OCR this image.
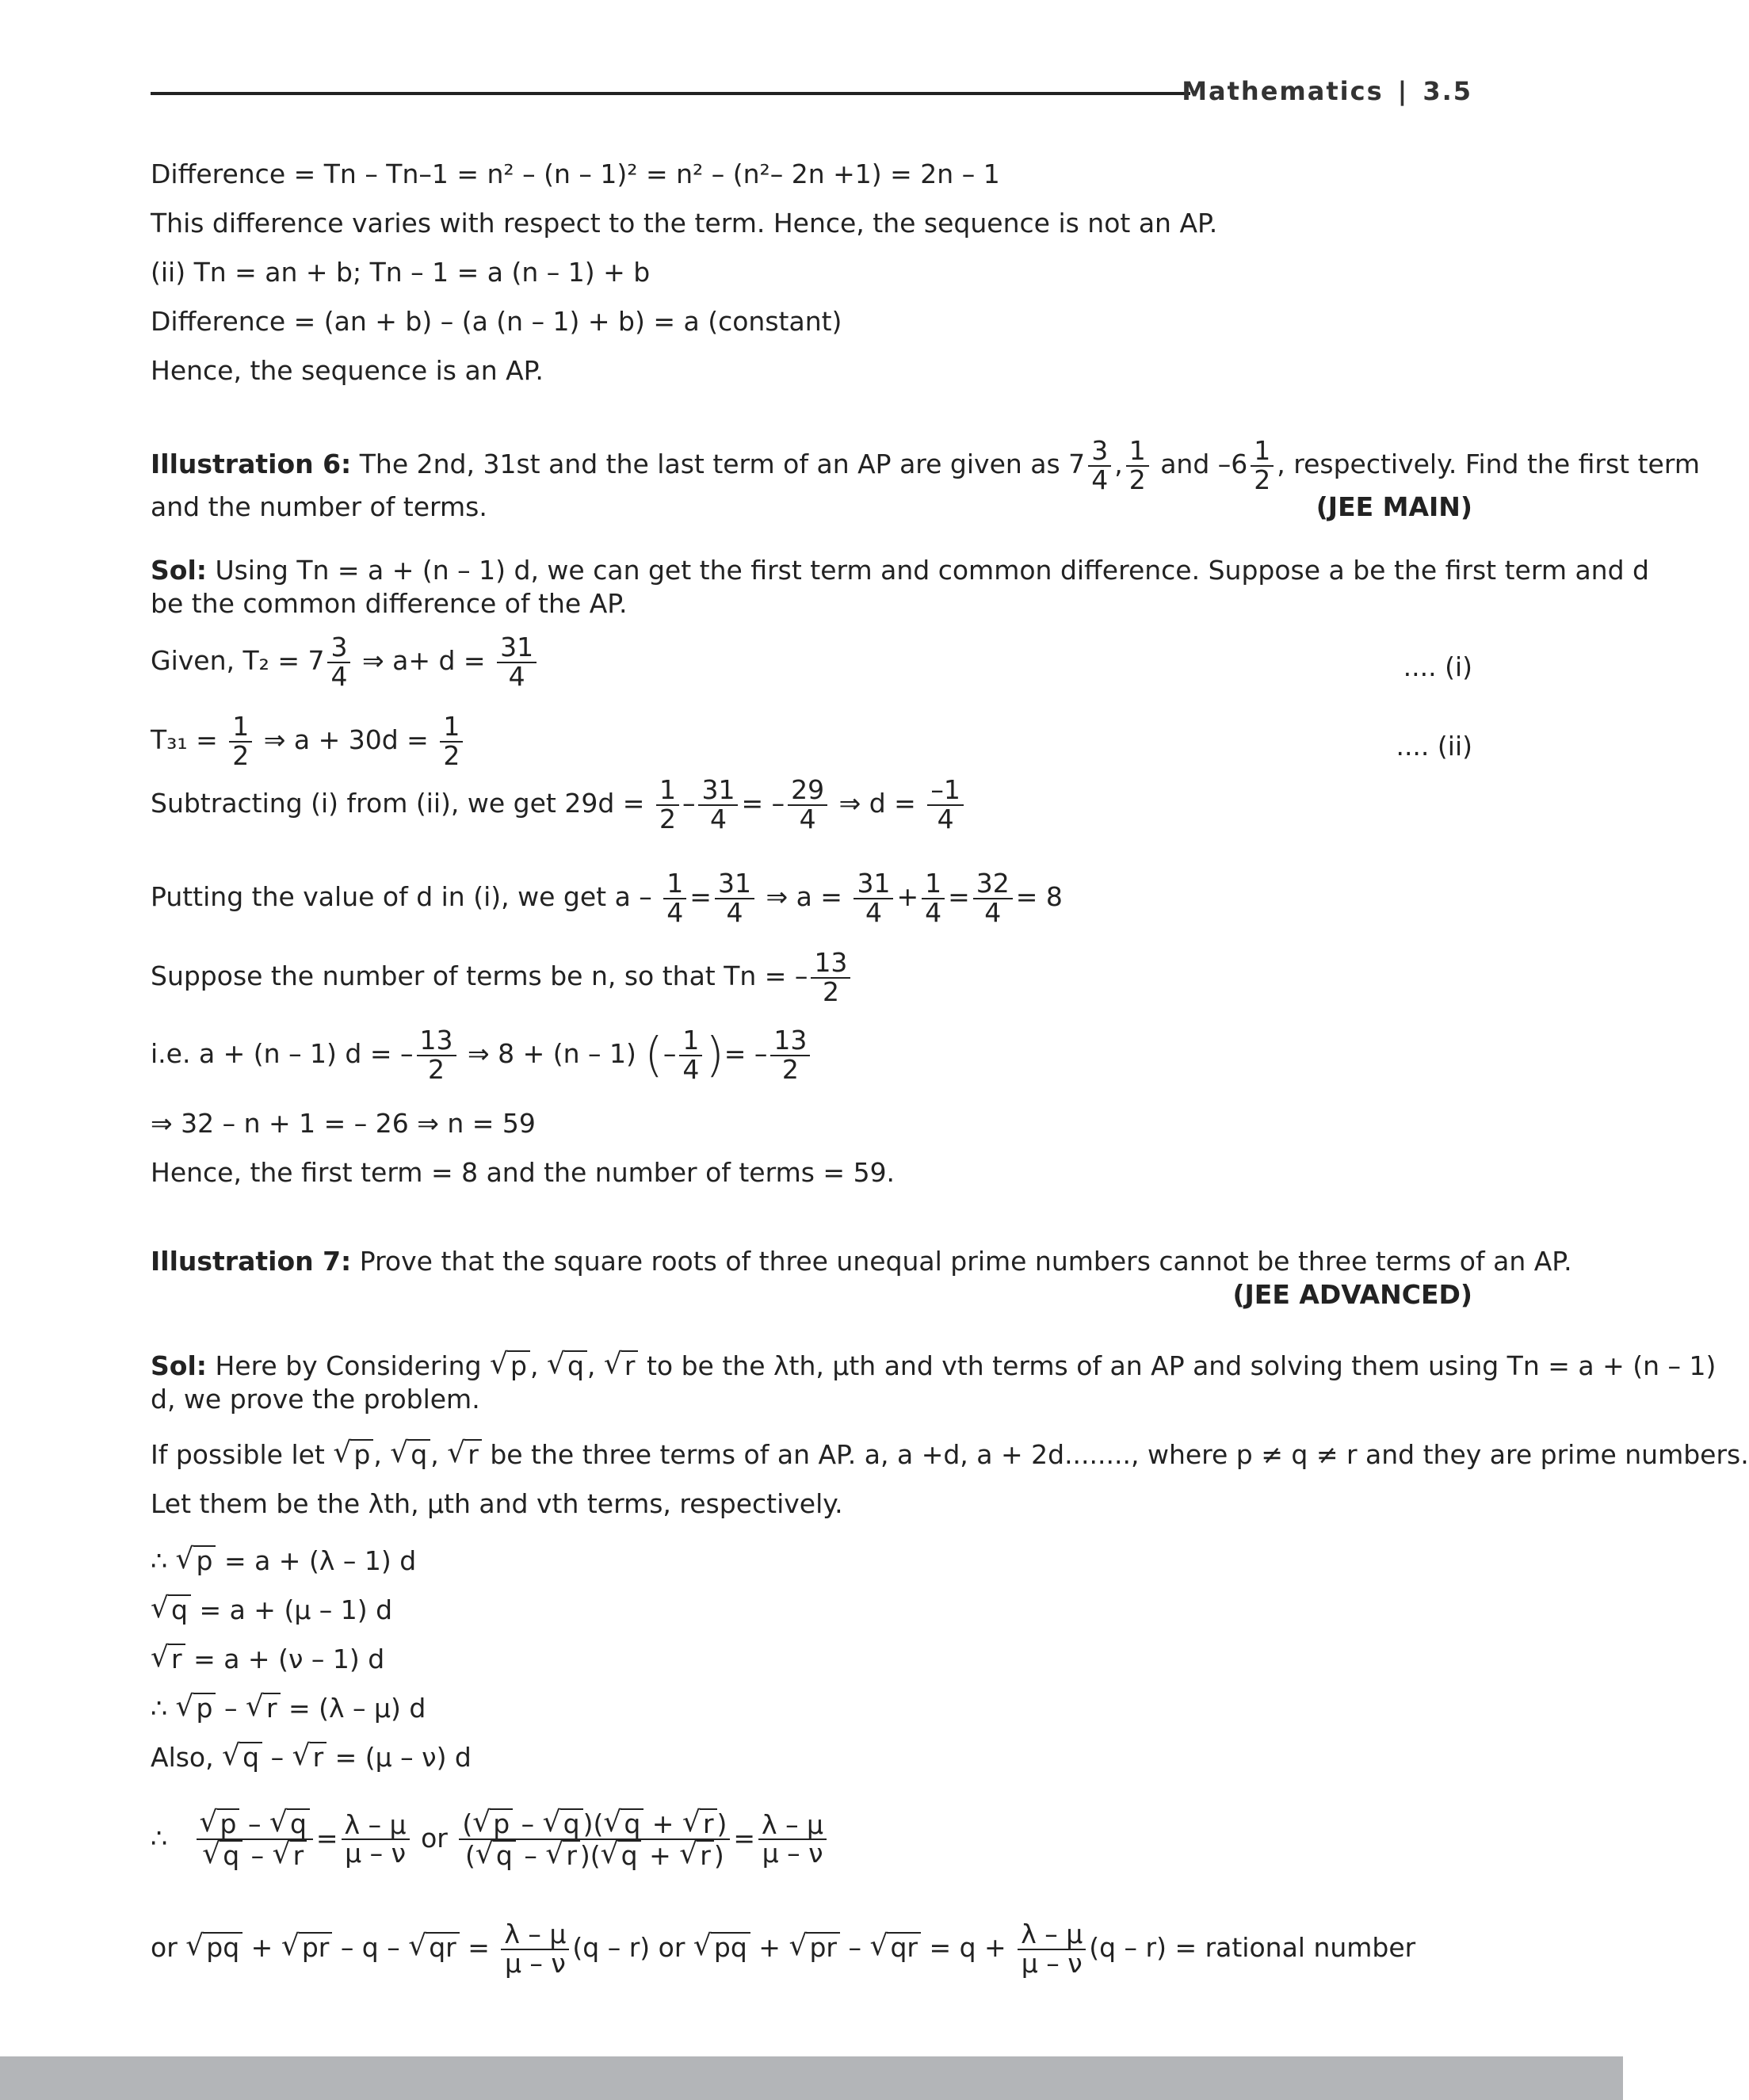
Mathematics | 3.5
Difference = Tn – Tn–1 = n² – (n – 1)² = n² – (n²– 2n +1) = 2n – 1
This difference varies with respect to the term. Hence, the sequence is not an AP.
(ii) Tn = an + b; Tn – 1 = a (n – 1) + b
Difference = (an + b) – (a (n – 1) + b) = a (constant)
Hence, the sequence is an AP.
Illustration 6: The 2nd, 31st and the last term of an AP are given as $7 \frac{3}{4}$ , $\frac{1}{2}$ and $-6 \frac{1}{2}$ , respectively. Find the first term
and the number of terms.	(JEE MAIN)
Sol: Using Tn = a + (n – 1) d, we can get the first term and common difference. Suppose a be the first term and d
be the common difference of the AP.
Given, $T_2 = 7 \frac{3}{4}$ ⇒ $a+ d = \frac{31}{4}$	.... (i)
$T_{31} = \frac{1}{2}$ ⇒ $a + 30d = \frac{1}{2}$	.... (ii)
Subtracting (i) from (ii), we get $29d = \frac{1}{2} - \frac{31}{4}$ = – $\frac{29}{4}$ ⇒ $d = \frac{-1}{4}$
Putting the value of d in (i), we get $a - \frac{1}{4} = \frac{31}{4}$ ⇒ $a = \frac{31}{4} + \frac{1}{4} = \frac{32}{4} = 8$
Suppose the number of terms be n, so that Tn = – $\frac{13}{2}$
i.e. a + (n – 1) d = – $\frac{13}{2}$ ⇒ 8 + (n – 1) (– $\frac{1}{4}$ )= – $\frac{13}{2}$
⇒ 32 – n + 1 = – 26 ⇒ n = 59
Hence, the first term = 8 and the number of terms = 59.
Illustration 7: Prove that the square roots of three unequal prime numbers cannot be three terms of an AP.
(JEE ADVANCED)
Sol: Here by Considering √ p , √ q , √ r to be the λth, μth and vth terms of an AP and solving them using Tn = a + (n – 1)
d, we prove the problem.
If possible let √ p , √ q , √ r be the three terms of an AP. a, a +d, a + 2d........, where p ≠ q ≠ r and they are prime numbers.
Let them be the λth, μth and vth terms, respectively.
∴ √ p = a + (λ – 1) d
√ q = a + (μ – 1) d
√ r = a + (ν – 1) d
∴ √ p – √ r = (λ – μ) d
Also, √ q – √ r = (μ – ν) d
∴ √ p – √ q
√ q – √ $r = \frac{\lambda - \mu}{\mu - \nu}$ or $\frac{( √ p - √ q )( √ q + √ r )}{( √ q - √ r )( √ q + √ r )} = \frac{\lambda - \mu}{\mu - \nu}$
or √ pq + √ pr – q – √ qr = $\frac{\lambda - \mu}{\mu - \nu} (q - r)$ or √ pq + √ pr – √ qr = $q + \frac{\lambda - \mu}{\mu - \nu} (q - r)$ = rational number
